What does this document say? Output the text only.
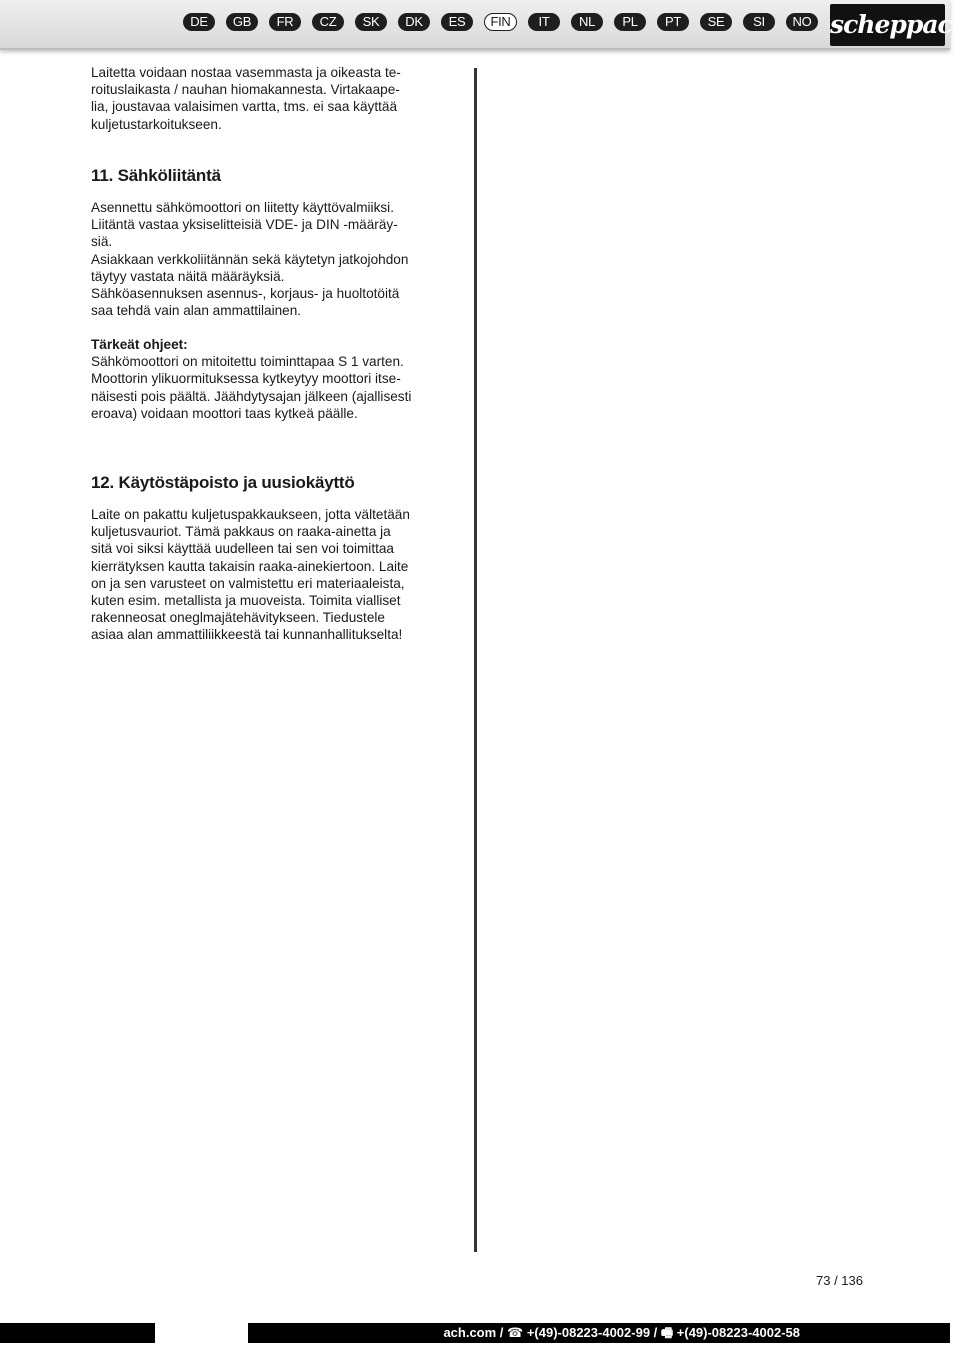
DE	GB	FR	CZ	SK	DK	ES	FIN	IT	NL	PL	PT	SE	SI	NO scheppach

Laitetta voidaan nostaa vasemmasta ja oikeasta te-

roituslaikasta / nauhan hiomakannesta. Virtakaape-

lia, joustavaa valaisimen vartta, tms. ei saa käyttää

kuljetustarkoitukseen.

11. Sähköliitäntä

Asennettu sähkömoottori on liitetty käyttövalmiiksi.

Liitäntä vastaa yksiselitteisiä VDE- ja DIN -määräy-

siä.

Asiakkaan verkkoliitännän sekä käytetyn jatkojohdon

täytyy vastata näitä määräyksiä.

Sähköasennuksen asennus-, korjaus- ja huoltotöitä

saa tehdä vain alan ammattilainen.

Tärkeät ohjeet:

Sähkömoottori on mitoitettu toiminttapaa S 1 varten.

Moottorin ylikuormituksessa kytkeytyy moottori itse-

näisesti pois päältä. Jäähdytysajan jälkeen (ajallisesti

eroava) voidaan moottori taas kytkeä päälle.

12. Käytöstäpoisto ja uusiokäyttö

Laite on pakattu kuljetuspakkaukseen, jotta vältetään

kuljetusvauriot. Tämä pakkaus on raaka-ainetta ja

sitä voi siksi käyttää uudelleen tai sen voi toimittaa

kierrätyksen kautta takaisin raaka-ainekiertoon. Laite

on ja sen varusteet on valmistettu eri materiaaleista,

kuten esim. metallista ja muoveista. Toimita vialliset

rakenneosat oneglmajätehävitykseen. Tiedustele

asiaa alan ammattiliikkeestä tai kunnanhallitukselta!

73 / 136
ach.com / ☎ +(49)-08223-4002-99 / 🖷 +(49)-08223-4002-58
